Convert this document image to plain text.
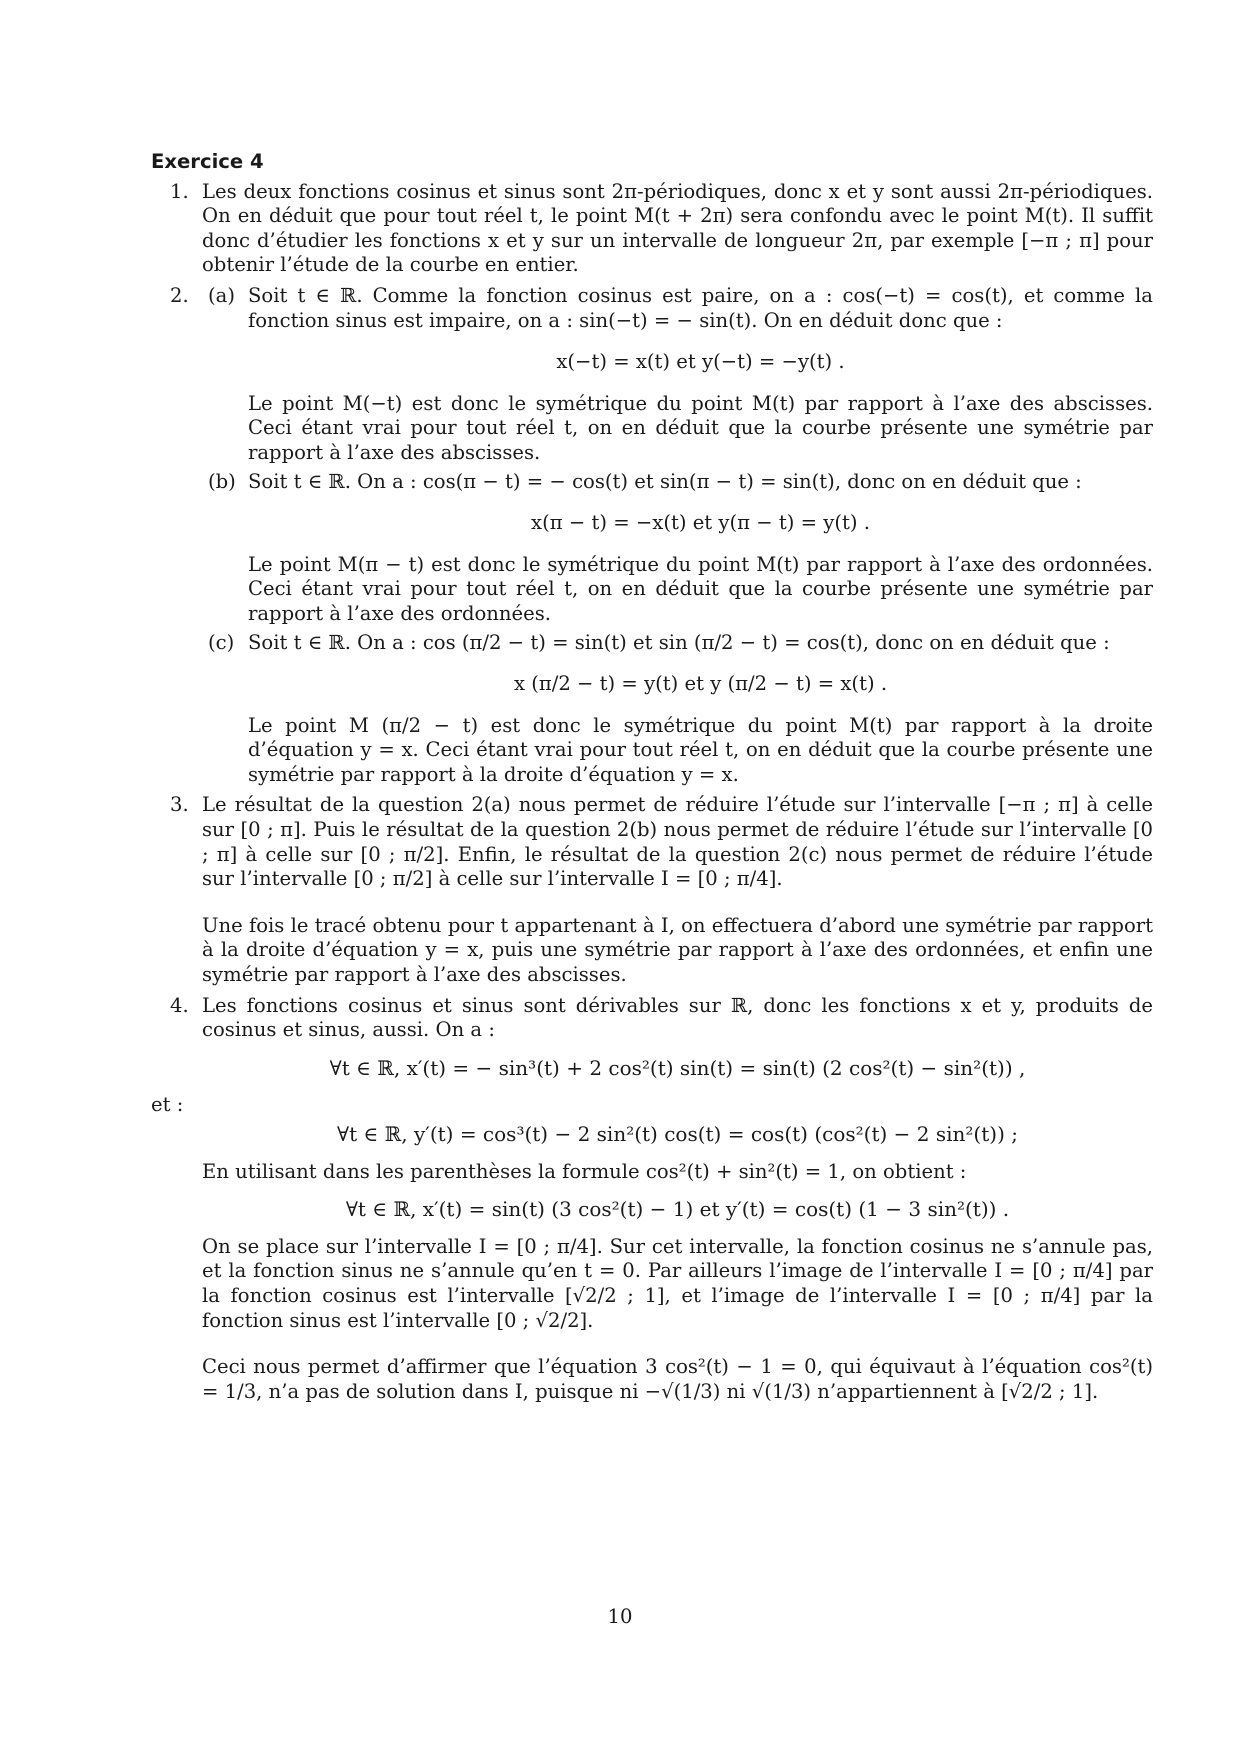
Exercice 4
1. Les deux fonctions cosinus et sinus sont 2π-périodiques, donc x et y sont aussi 2π-périodiques. On en déduit que pour tout réel t, le point M(t + 2π) sera confondu avec le point M(t). Il suffit donc d’étudier les fonctions x et y sur un intervalle de longueur 2π, par exemple [−π ; π] pour obtenir l’étude de la courbe en entier.

2. (a) Soit t ∈ ℝ. Comme la fonction cosinus est paire, on a : cos(−t) = cos(t), et comme la fonction sinus est impaire, on a : sin(−t) = − sin(t). On en déduit donc que :

x(−t) = x(t) et y(−t) = −y(t) .

Le point M(−t) est donc le symétrique du point M(t) par rapport à l’axe des abscisses. Ceci étant vrai pour tout réel t, on en déduit que la courbe présente une symétrie par rapport à l’axe des abscisses.

(b) Soit t ∈ ℝ. On a : cos(π − t) = − cos(t) et sin(π − t) = sin(t), donc on en déduit que :

x(π − t) = −x(t) et y(π − t) = y(t) .

Le point M(π − t) est donc le symétrique du point M(t) par rapport à l’axe des ordonnées. Ceci étant vrai pour tout réel t, on en déduit que la courbe présente une symétrie par rapport à l’axe des ordonnées.

(c) Soit t ∈ ℝ. On a : cos (π/2 − t) = sin(t) et sin (π/2 − t) = cos(t), donc on en déduit que :

x (π/2 − t) = y(t) et y (π/2 − t) = x(t) .

Le point M (π/2 − t) est donc le symétrique du point M(t) par rapport à la droite d’équation y = x. Ceci étant vrai pour tout réel t, on en déduit que la courbe présente une symétrie par rapport à la droite d’équation y = x.

3. Le résultat de la question 2(a) nous permet de réduire l’étude sur l’intervalle [−π ; π] à celle sur [0 ; π]. Puis le résultat de la question 2(b) nous permet de réduire l’étude sur l’intervalle [0 ; π] à celle sur [0 ; π/2]. Enfin, le résultat de la question 2(c) nous permet de réduire l’étude sur l’intervalle [0 ; π/2] à celle sur l’intervalle I = [0 ; π/4].

Une fois le tracé obtenu pour t appartenant à I, on effectuera d’abord une symétrie par rapport à la droite d’équation y = x, puis une symétrie par rapport à l’axe des ordonnées, et enfin une symétrie par rapport à l’axe des abscisses.

4. Les fonctions cosinus et sinus sont dérivables sur ℝ, donc les fonctions x et y, produits de cosinus et sinus, aussi. On a :

∀t ∈ ℝ, x′(t) = − sin³(t) + 2 cos²(t) sin(t) = sin(t) (2 cos²(t) − sin²(t)) ,
et :
∀t ∈ ℝ, y′(t) = cos³(t) − 2 sin²(t) cos(t) = cos(t) (cos²(t) − 2 sin²(t)) ;

En utilisant dans les parenthèses la formule cos²(t) + sin²(t) = 1, on obtient :

∀t ∈ ℝ, x′(t) = sin(t) (3 cos²(t) − 1) et y′(t) = cos(t) (1 − 3 sin²(t)) .

On se place sur l’intervalle I = [0 ; π/4]. Sur cet intervalle, la fonction cosinus ne s’annule pas, et la fonction sinus ne s’annule qu’en t = 0. Par ailleurs l’image de l’intervalle I = [0 ; π/4] par la fonction cosinus est l’intervalle [√2/2 ; 1], et l’image de l’intervalle I = [0 ; π/4] par la fonction sinus est l’intervalle [0 ; √2/2].

Ceci nous permet d’affirmer que l’équation 3 cos²(t) − 1 = 0, qui équivaut à l’équation cos²(t) = 1/3, n’a pas de solution dans I, puisque ni −√(1/3) ni √(1/3) n’appartiennent à [√2/2 ; 1].

10
